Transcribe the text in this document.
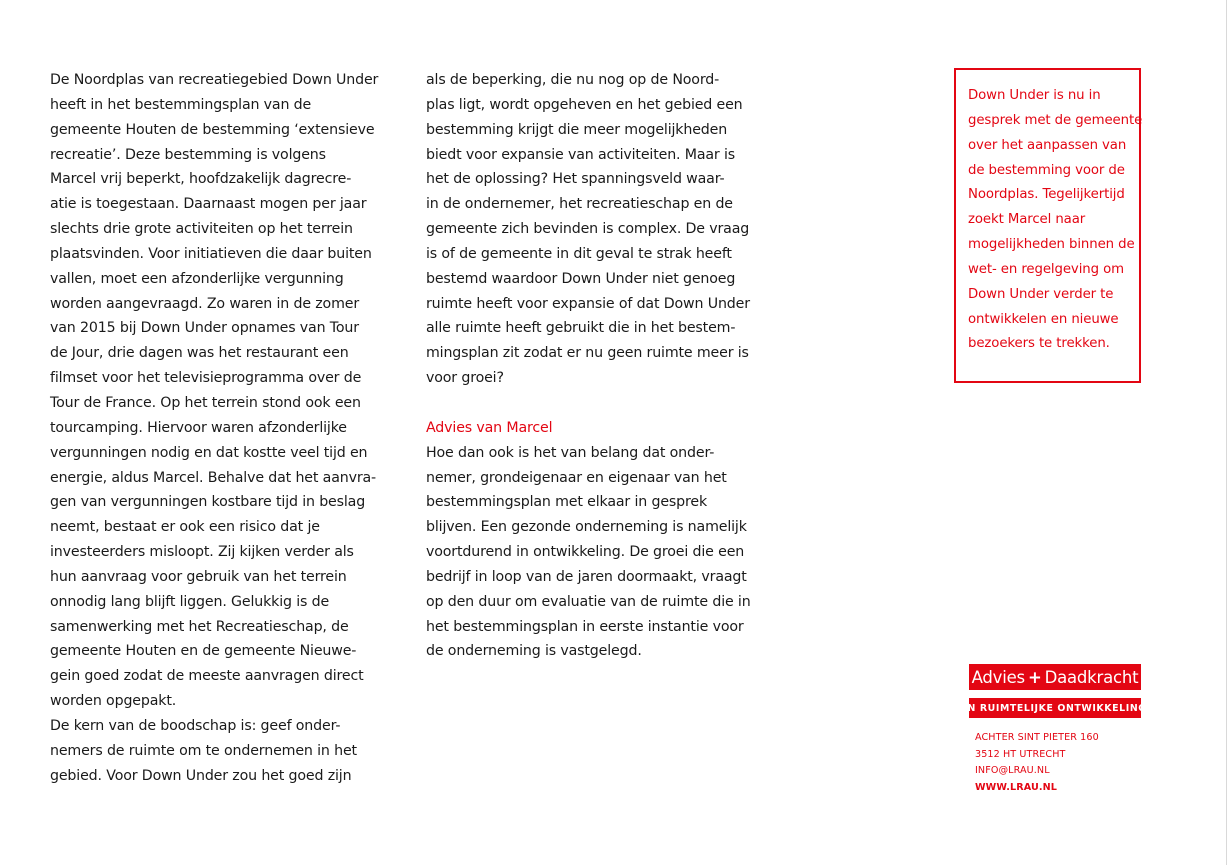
De Noordplas van recreatiegebied Down Under
heeft in het bestemmingsplan van de
gemeente Houten de bestemming ‘extensieve
recreatie’. Deze bestemming is volgens
Marcel vrij beperkt, hoofdzakelijk dagrecre-
atie is toegestaan. Daarnaast mogen per jaar
slechts drie grote activiteiten op het terrein
plaatsvinden. Voor initiatieven die daar buiten
vallen, moet een afzonderlijke vergunning
worden aangevraagd. Zo waren in de zomer
van 2015 bij Down Under opnames van Tour
de Jour, drie dagen was het restaurant een
filmset voor het televisieprogramma over de
Tour de France. Op het terrein stond ook een
tourcamping. Hiervoor waren afzonderlijke
vergunningen nodig en dat kostte veel tijd en
energie, aldus Marcel. Behalve dat het aanvra-
gen van vergunningen kostbare tijd in beslag
neemt, bestaat er ook een risico dat je
investeerders misloopt. Zij kijken verder als
hun aanvraag voor gebruik van het terrein
onnodig lang blijft liggen. Gelukkig is de
samenwerking met het Recreatieschap, de
gemeente Houten en de gemeente Nieuwe-
gein goed zodat de meeste aanvragen direct
worden opgepakt.
De kern van de boodschap is: geef onder-
nemers de ruimte om te ondernemen in het
gebied. Voor Down Under zou het goed zijn
als de beperking, die nu nog op de Noord-
plas ligt, wordt opgeheven en het gebied een
bestemming krijgt die meer mogelijkheden
biedt voor expansie van activiteiten. Maar is
het de oplossing? Het spanningsveld waar-
in de ondernemer, het recreatieschap en de
gemeente zich bevinden is complex. De vraag
is of de gemeente in dit geval te strak heeft
bestemd waardoor Down Under niet genoeg
ruimte heeft voor expansie of dat Down Under
alle ruimte heeft gebruikt die in het bestem-
mingsplan zit zodat er nu geen ruimte meer is
voor groei?
Advies van Marcel
Hoe dan ook is het van belang dat onder-
nemer, grondeigenaar en eigenaar van het
bestemmingsplan met elkaar in gesprek
blijven. Een gezonde onderneming is namelijk
voortdurend in ontwikkeling. De groei die een
bedrijf in loop van de jaren doormaakt, vraagt
op den duur om evaluatie van de ruimte die in
het bestemmingsplan in eerste instantie voor
de onderneming is vastgelegd.
Down Under is nu in
gesprek met de gemeente
over het aanpassen van
de bestemming voor de
Noordplas. Tegelijkertijd
zoekt Marcel naar
mogelijkheden binnen de
wet- en regelgeving om
Down Under verder te
ontwikkelen en nieuwe
bezoekers te trekken.
Advies + Daadkracht
IN RUIMTELIJKE ONTWIKKELING
ACHTER SINT PIETER 160
3512 HT UTRECHT
INFO@LRAU.NL
WWW.LRAU.NL
